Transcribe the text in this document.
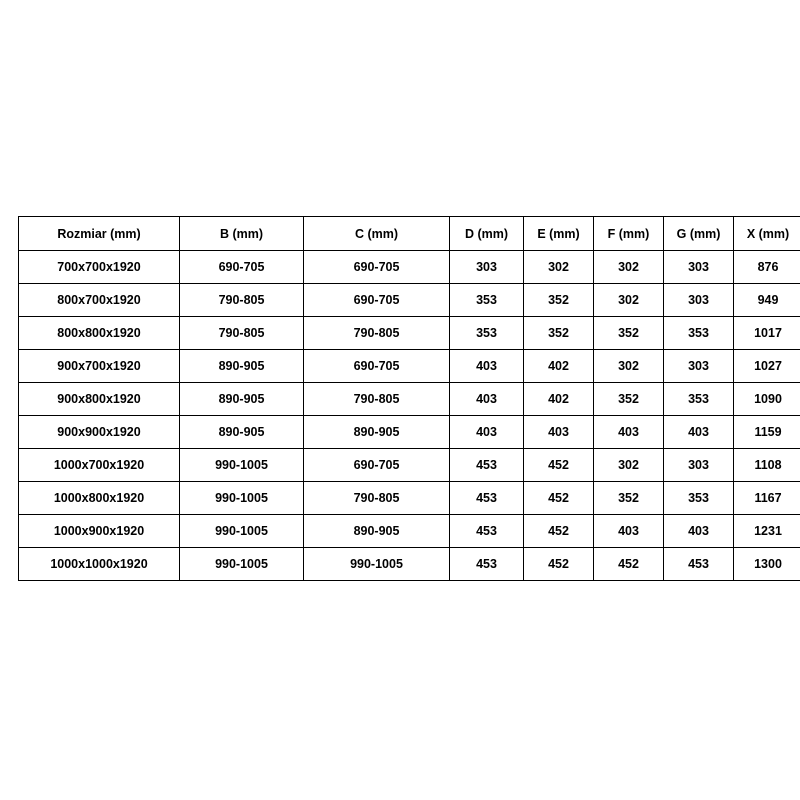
Rozmiar (mm)	B (mm)	C (mm)	D (mm)	E (mm)	F (mm)	G (mm)	X (mm)
700x700x1920	690-705	690-705	303	302	302	303	876
800x700x1920	790-805	690-705	353	352	302	303	949
800x800x1920	790-805	790-805	353	352	352	353	1017
900x700x1920	890-905	690-705	403	402	302	303	1027
900x800x1920	890-905	790-805	403	402	352	353	1090
900x900x1920	890-905	890-905	403	403	403	403	1159
1000x700x1920	990-1005	690-705	453	452	302	303	1108
1000x800x1920	990-1005	790-805	453	452	352	353	1167
1000x900x1920	990-1005	890-905	453	452	403	403	1231
1000x1000x1920	990-1005	990-1005	453	452	452	453	1300
